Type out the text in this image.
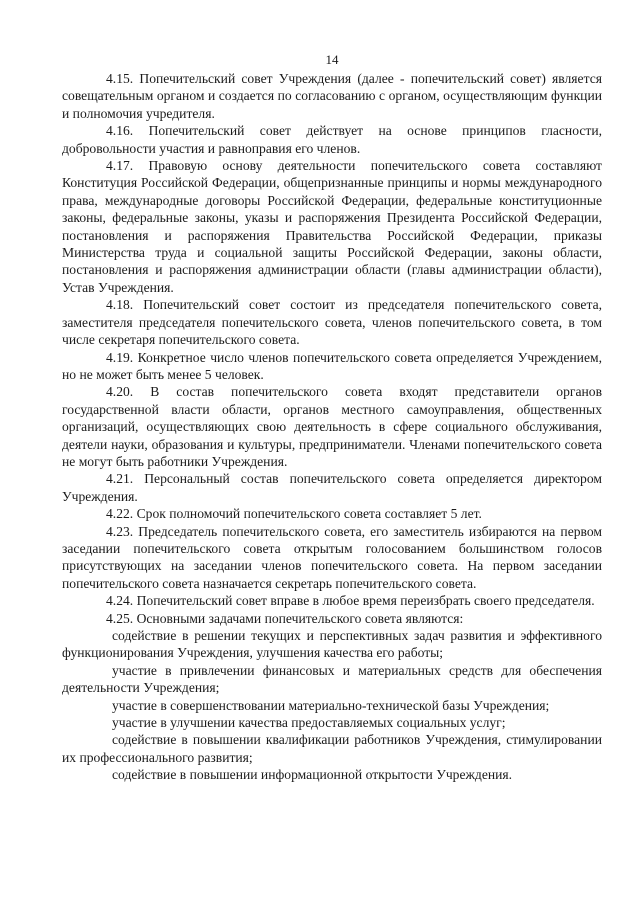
14

4.15. Попечительский совет Учреждения (далее - попечительский совет) является совещательным органом и создается по согласованию с органом, осуществляющим функции и полномочия учредителя.

4.16. Попечительский совет действует на основе принципов гласности, добровольности участия и равноправия его членов.

4.17. Правовую основу деятельности попечительского совета составляют Конституция Российской Федерации, общепризнанные принципы и нормы международного права, международные договоры Российской Федерации, федеральные конституционные законы, федеральные законы, указы и распоряжения Президента Российской Федерации, постановления и распоряжения Правительства Российской Федерации, приказы Министерства труда и социальной защиты Российской Федерации, законы области, постановления и распоряжения администрации области (главы администрации области), Устав Учреждения.

4.18. Попечительский совет состоит из председателя попечительского совета, заместителя председателя попечительского совета, членов попечительского совета, в том числе секретаря попечительского совета.

4.19. Конкретное число членов попечительского совета определяется Учреждением, но не может быть менее 5 человек.

4.20. В состав попечительского совета входят представители органов государственной власти области, органов местного самоуправления, общественных организаций, осуществляющих свою деятельность в сфере социального обслуживания, деятели науки, образования и культуры, предприниматели. Членами попечительского совета не могут быть работники Учреждения.

4.21. Персональный состав попечительского совета определяется директором Учреждения.

4.22. Срок полномочий попечительского совета составляет 5 лет.

4.23. Председатель попечительского совета, его заместитель избираются на первом заседании попечительского совета открытым голосованием большинством голосов присутствующих на заседании членов попечительского совета. На первом заседании попечительского совета назначается секретарь попечительского совета.

4.24. Попечительский совет вправе в любое время переизбрать своего председателя.

4.25. Основными задачами попечительского совета являются:

содействие в решении текущих и перспективных задач развития и эффективного функционирования Учреждения, улучшения качества его работы;

участие в привлечении финансовых и материальных средств для обеспечения деятельности Учреждения;

участие в совершенствовании материально-технической базы Учреждения;

участие в улучшении качества предоставляемых социальных услуг;

содействие в повышении квалификации работников Учреждения, стимулировании их профессионального развития;

содействие в повышении информационной открытости Учреждения.
